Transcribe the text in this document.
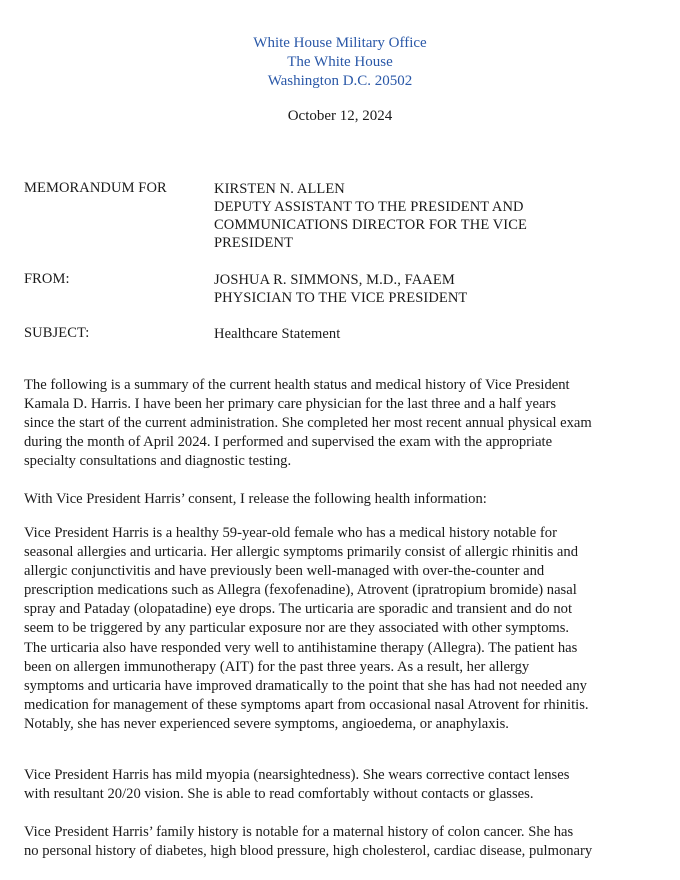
White House Military Office
The White House
Washington D.C. 20502
October 12, 2024
MEMORANDUM FOR	KIRSTEN N. ALLEN
DEPUTY ASSISTANT TO THE PRESIDENT AND
COMMUNICATIONS DIRECTOR FOR THE VICE
PRESIDENT
FROM:	JOSHUA R. SIMMONS, M.D., FAAEM
PHYSICIAN TO THE VICE PRESIDENT
SUBJECT:	Healthcare Statement
The following is a summary of the current health status and medical history of Vice President
Kamala D. Harris. I have been her primary care physician for the last three and a half years
since the start of the current administration. She completed her most recent annual physical exam
during the month of April 2024. I performed and supervised the exam with the appropriate
specialty consultations and diagnostic testing.
With Vice President Harris’ consent, I release the following health information:
Vice President Harris is a healthy 59-year-old female who has a medical history notable for
seasonal allergies and urticaria. Her allergic symptoms primarily consist of allergic rhinitis and
allergic conjunctivitis and have previously been well-managed with over-the-counter and
prescription medications such as Allegra (fexofenadine), Atrovent (ipratropium bromide) nasal
spray and Pataday (olopatadine) eye drops. The urticaria are sporadic and transient and do not
seem to be triggered by any particular exposure nor are they associated with other symptoms.
The urticaria also have responded very well to antihistamine therapy (Allegra). The patient has
been on allergen immunotherapy (AIT) for the past three years. As a result, her allergy
symptoms and urticaria have improved dramatically to the point that she has had not needed any
medication for management of these symptoms apart from occasional nasal Atrovent for rhinitis.
Notably, she has never experienced severe symptoms, angioedema, or anaphylaxis.
Vice President Harris has mild myopia (nearsightedness). She wears corrective contact lenses
with resultant 20/20 vision. She is able to read comfortably without contacts or glasses.
Vice President Harris’ family history is notable for a maternal history of colon cancer. She has
no personal history of diabetes, high blood pressure, high cholesterol, cardiac disease, pulmonary
